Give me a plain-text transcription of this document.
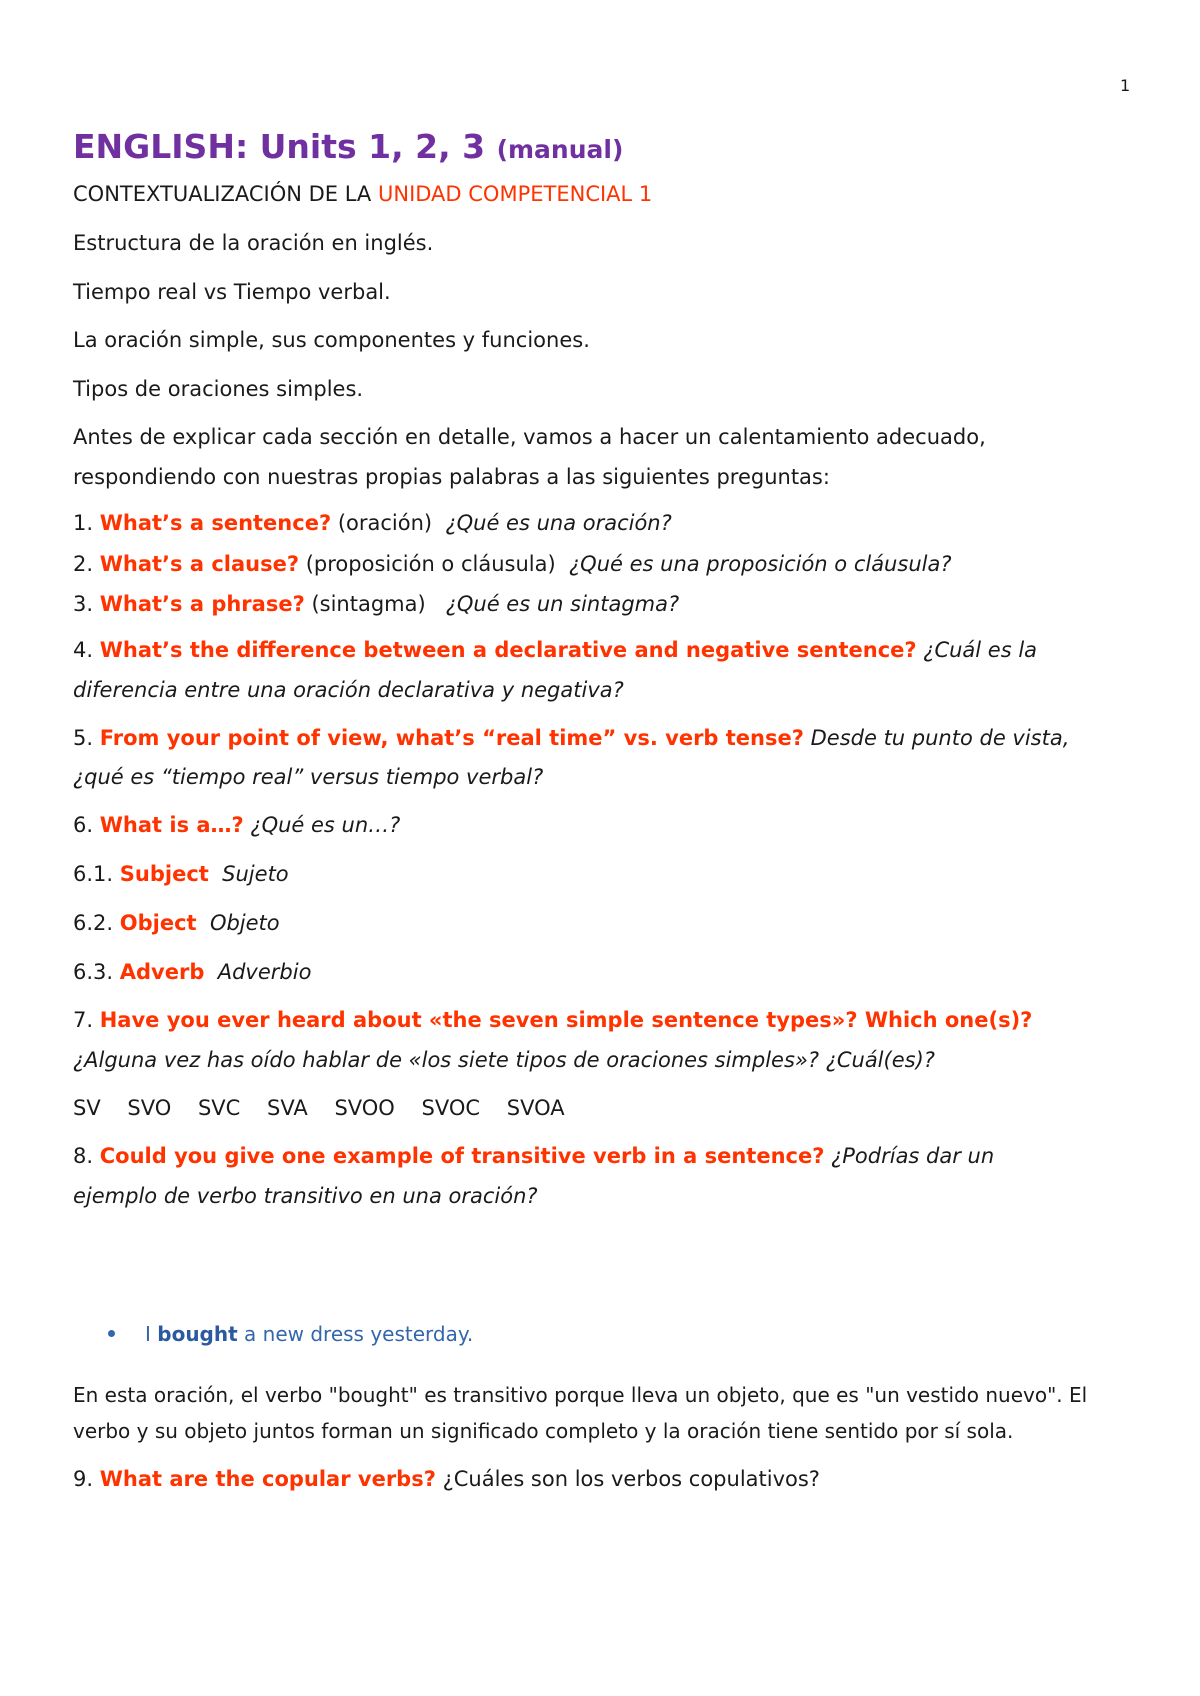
1
ENGLISH: Units 1, 2, 3 (manual)

CONTEXTUALIZACIÓN DE LA UNIDAD COMPETENCIAL 1

Estructura de la oración en inglés.

Tiempo real vs Tiempo verbal.

La oración simple, sus componentes y funciones.

Tipos de oraciones simples.

Antes de explicar cada sección en detalle, vamos a hacer un calentamiento adecuado,

respondiendo con nuestras propias palabras a las siguientes preguntas:

1. What’s a sentence? (oración) ¿Qué es una oración?

2. What’s a clause? (proposición o cláusula) ¿Qué es una proposición o cláusula?

3. What’s a phrase? (sintagma) ¿Qué es un sintagma?

4. What’s the difference between a declarative and negative sentence? ¿Cuál es la

diferencia entre una oración declarativa y negativa?

5. From your point of view, what’s “real time” vs. verb tense? Desde tu punto de vista,

¿qué es “tiempo real” versus tiempo verbal?

6. What is a…? ¿Qué es un…?

6.1. Subject Sujeto

6.2. Object Objeto

6.3. Adverb Adverbio

7. Have you ever heard about «the seven simple sentence types»? Which one(s)?

¿Alguna vez has oído hablar de «los siete tipos de oraciones simples»? ¿Cuál(es)?

SV SVO SVC SVA SVOO SVOC SVOA

8. Could you give one example of transitive verb in a sentence? ¿Podrías dar un

ejemplo de verbo transitivo en una oración?

I bought a new dress yesterday.

En esta oración, el verbo "bought" es transitivo porque lleva un objeto, que es "un vestido nuevo". El

verbo y su objeto juntos forman un significado completo y la oración tiene sentido por sí sola.

9. What are the copular verbs? ¿Cuáles son los verbos copulativos?
